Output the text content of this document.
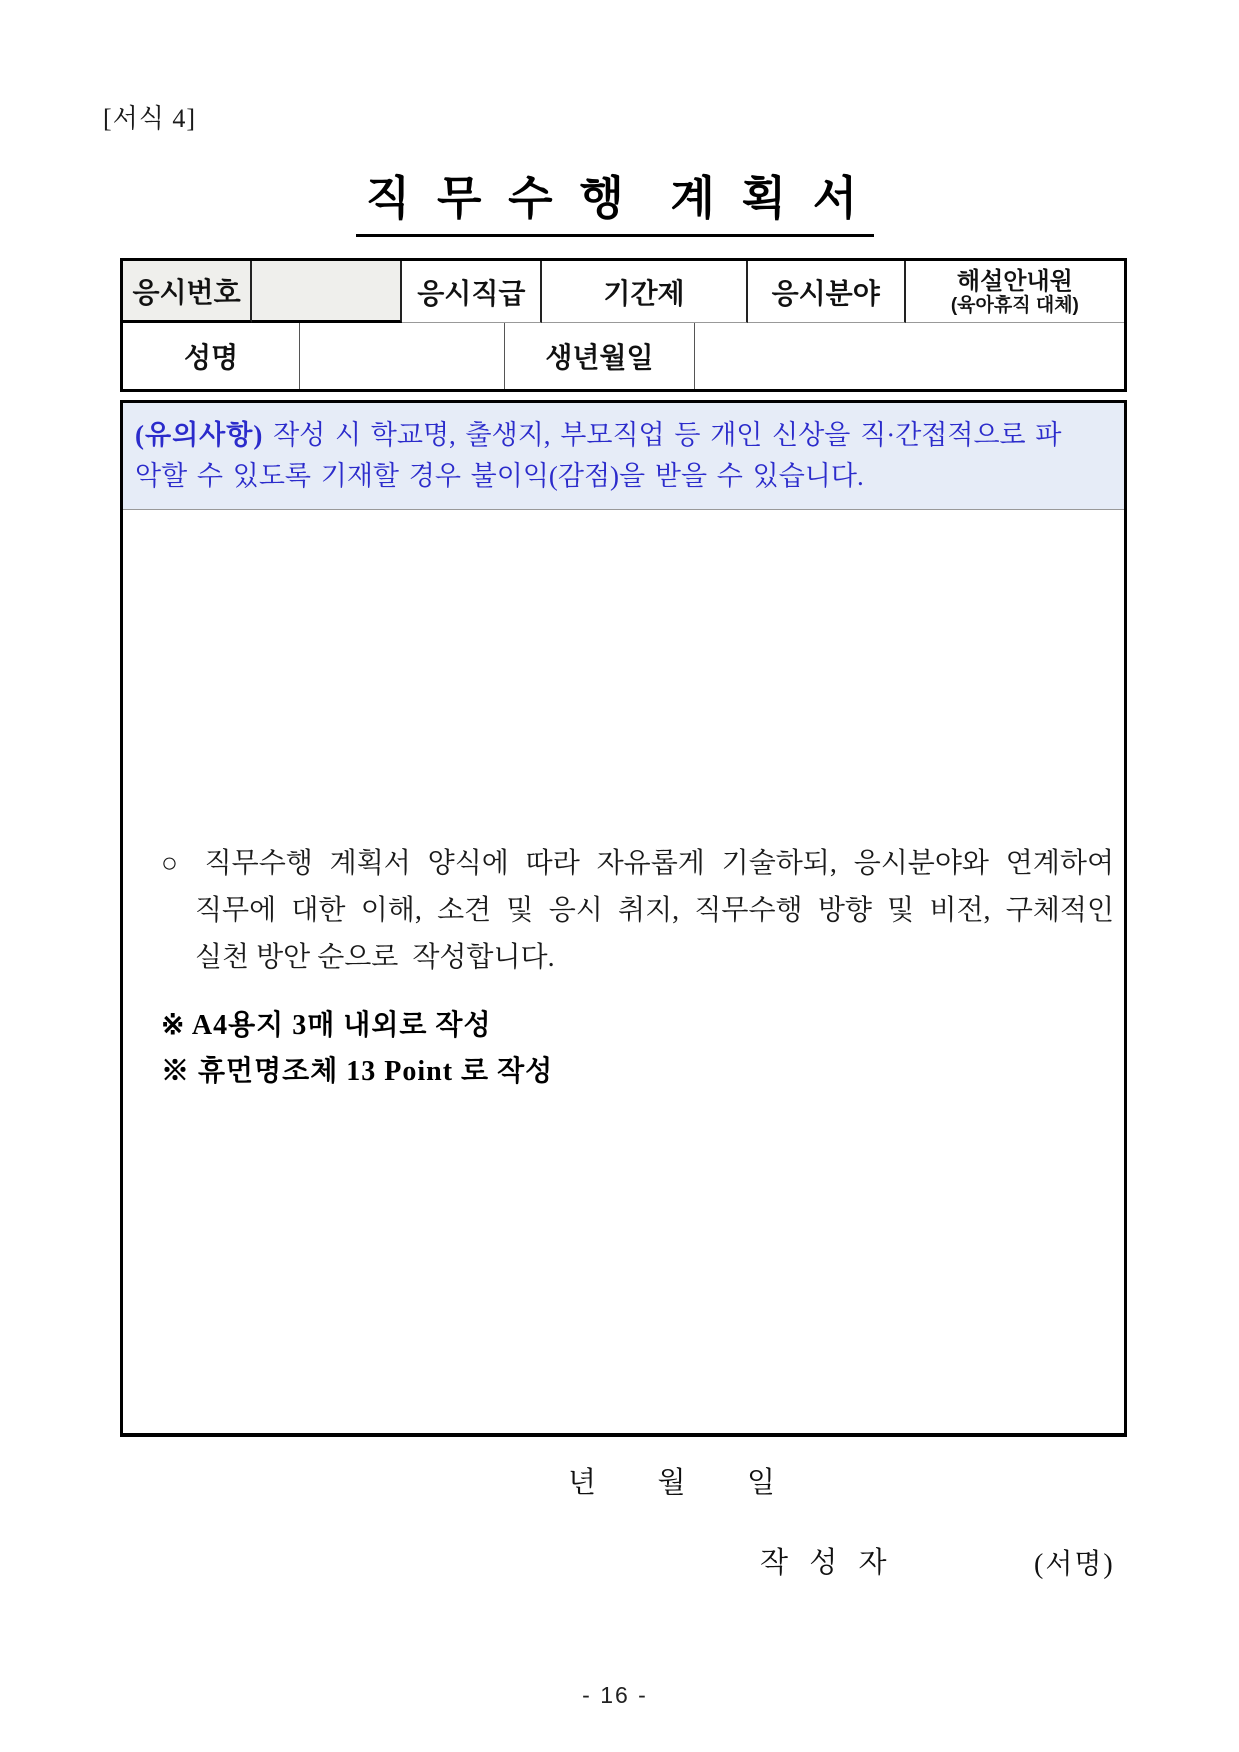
[서식 4]
직 무 수 행  계 획 서
응시번호	응시직급	기간제	응시분야	해설안내원
(육아휴직 대체)
성명	생년월일
(유의사항) 작성 시 학교명, 출생지, 부모직업 등 개인 신상을 직·간접적으로 파
악할 수 있도록 기재할 경우 불이익(감점)을 받을 수 있습니다.
○ 직무수행 계획서 양식에 따라 자유롭게 기술하되, 응시분야와 연계하여
직무에 대한 이해, 소견 및 응시 취지, 직무수행 방향 및 비전, 구체적인
실천 방안 순으로  작성합니다.
※ A4용지 3매 내외로 작성
※ 휴먼명조체 13 Point 로 작성
년      월      일
작 성 자	(서명)
- 16 -
